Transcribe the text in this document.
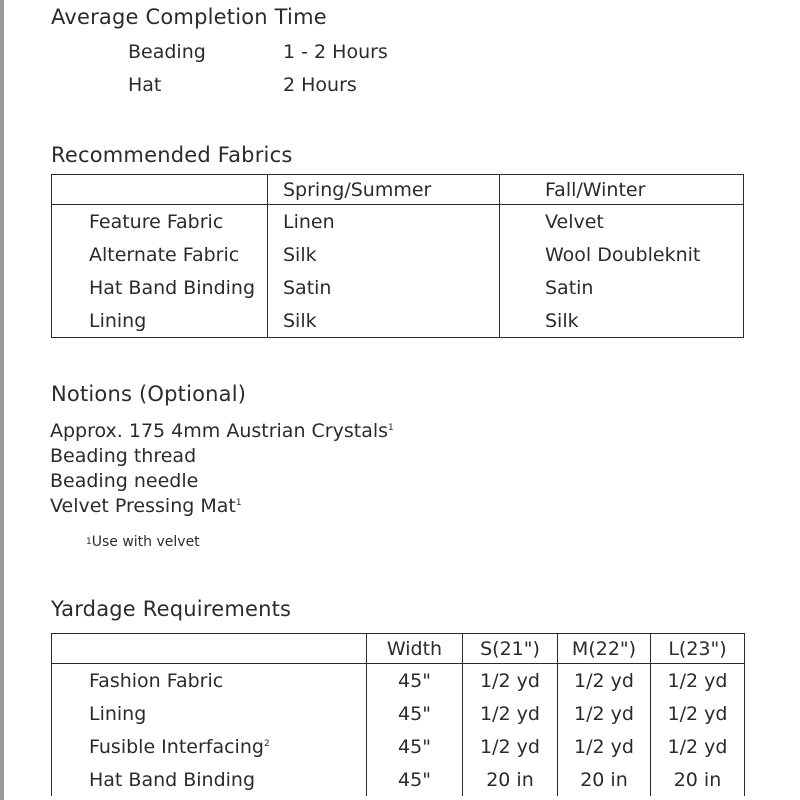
Average Completion Time
Beading	1 - 2 Hours
Hat	2 Hours
Recommended Fabrics
	Spring/Summer	Fall/Winter
Feature Fabric	Linen	Velvet
Alternate Fabric	Silk	Wool Doubleknit
Hat Band Binding	Satin	Satin
Lining	Silk	Silk
Notions (Optional)

Approx. 175 4mm Austrian Crystals$^1$

Beading thread

Beading needle

Velvet Pressing Mat$^1$

$^1$Use with velvet

Yardage Requirements
	Width	S(21")	M(22")	L(23")
Fashion Fabric	45"	1/2 yd	1/2 yd	1/2 yd
Lining	45"	1/2 yd	1/2 yd	1/2 yd
Fusible Interfacing$^2$	45"	1/2 yd	1/2 yd	1/2 yd
Hat Band Binding	45"	20 in	20 in	20 in
